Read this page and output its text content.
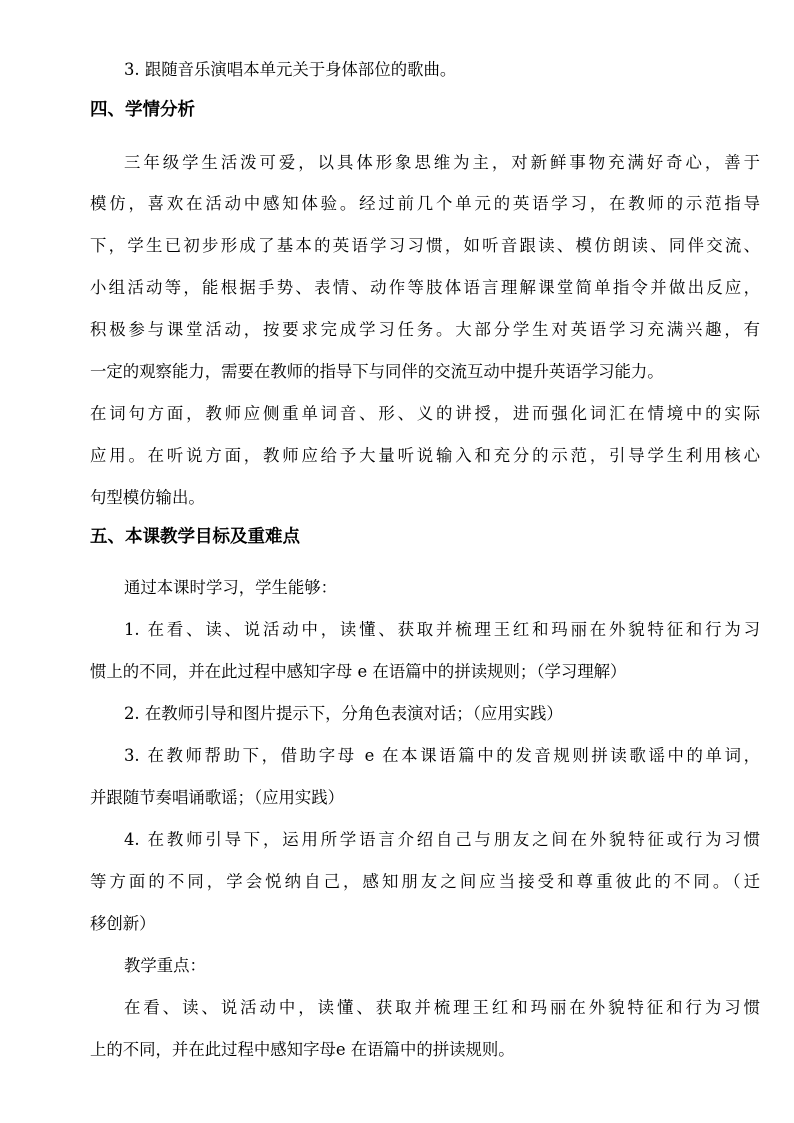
3. 跟随音乐演唱本单元关于身体部位的歌曲。
四、学情分析
三年级学生活泼可爱，以具体形象思维为主，对新鲜事物充满好奇心，善于
模仿，喜欢在活动中感知体验。经过前几个单元的英语学习，在教师的示范指导
下，学生已初步形成了基本的英语学习习惯，如听音跟读、模仿朗读、同伴交流、
小组活动等，能根据手势、表情、动作等肢体语言理解课堂简单指令并做出反应，
积极参与课堂活动，按要求完成学习任务。大部分学生对英语学习充满兴趣，有
一定的观察能力，需要在教师的指导下与同伴的交流互动中提升英语学习能力。
在词句方面，教师应侧重单词音、形、义的讲授，进而强化词汇在情境中的实际
应用。在听说方面，教师应给予大量听说输入和充分的示范，引导学生利用核心
句型模仿输出。
五、本课教学目标及重难点
通过本课时学习，学生能够：
1. 在看、读、说活动中，读懂、获取并梳理王红和玛丽在外貌特征和行为习
惯上的不同，并在此过程中感知字母 e 在语篇中的拼读规则；（学习理解）
2. 在教师引导和图片提示下，分角色表演对话；（应用实践）
3. 在教师帮助下，借助字母 e 在本课语篇中的发音规则拼读歌谣中的单词，
并跟随节奏唱诵歌谣；（应用实践）
4. 在教师引导下，运用所学语言介绍自己与朋友之间在外貌特征或行为习惯
等方面的不同，学会悦纳自己，感知朋友之间应当接受和尊重彼此的不同。（迁
移创新）
教学重点：
在看、读、说活动中，读懂、获取并梳理王红和玛丽在外貌特征和行为习惯
上的不同，并在此过程中感知字母e 在语篇中的拼读规则。
